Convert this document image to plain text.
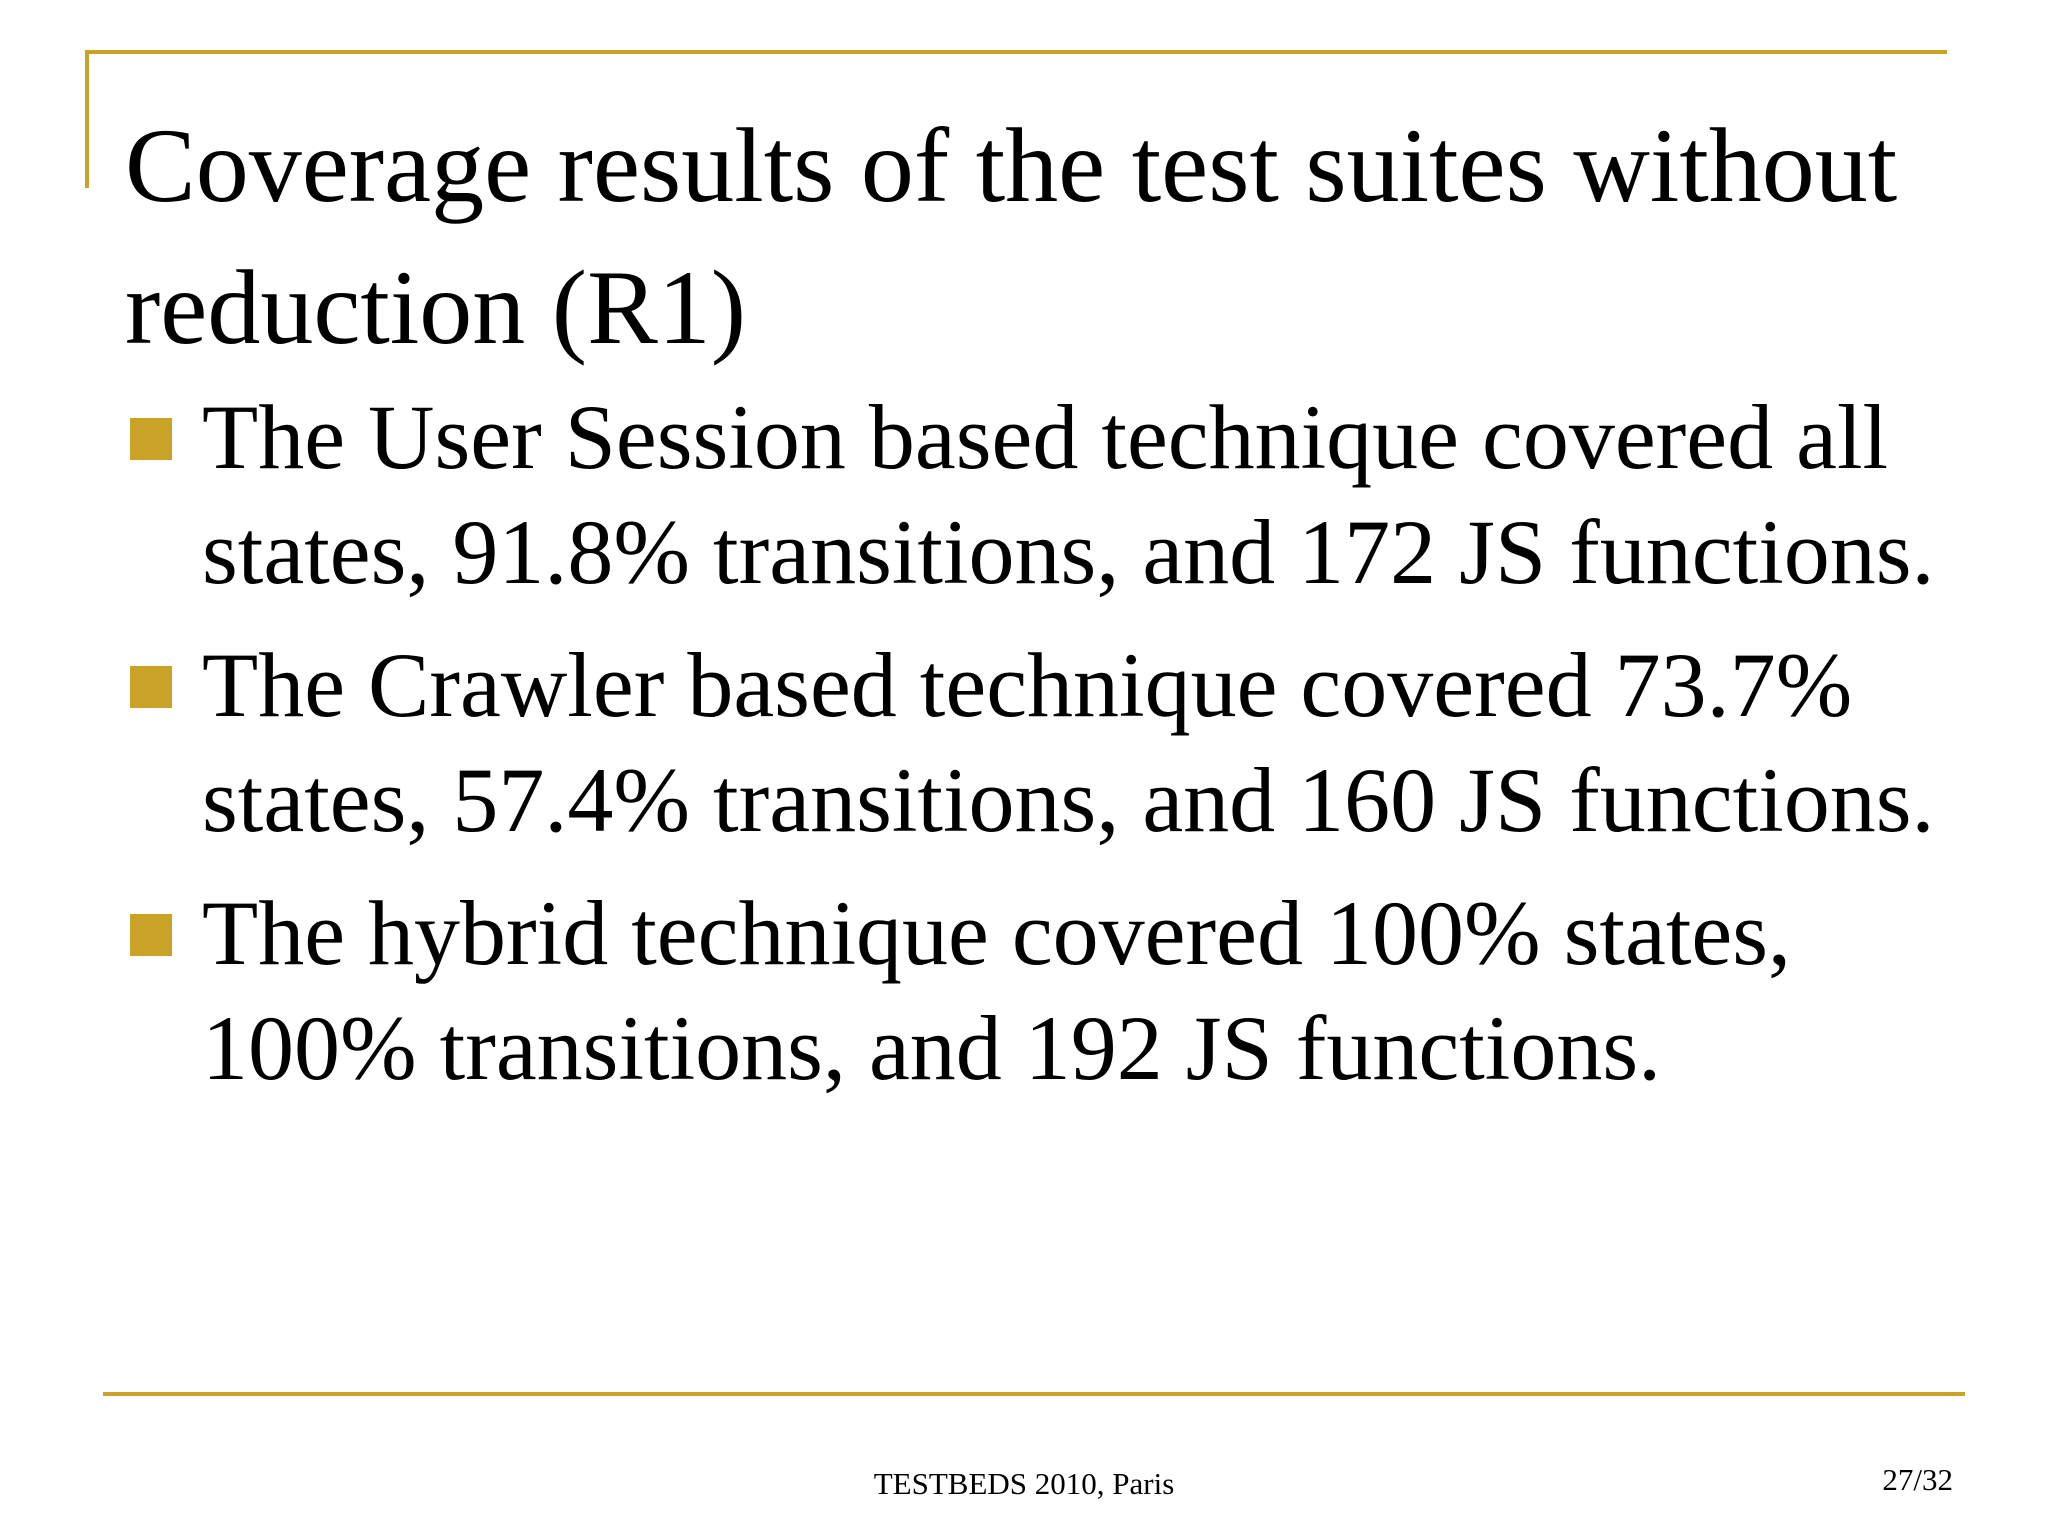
Coverage results of the test suites without reduction (R1)
The User Session based technique covered all states, 91.8% transitions, and 172 JS functions.
The Crawler based technique covered 73.7% states, 57.4% transitions, and 160 JS functions.
The hybrid technique covered 100% states, 100% transitions, and 192 JS functions.
TESTBEDS 2010, Paris	27/32
